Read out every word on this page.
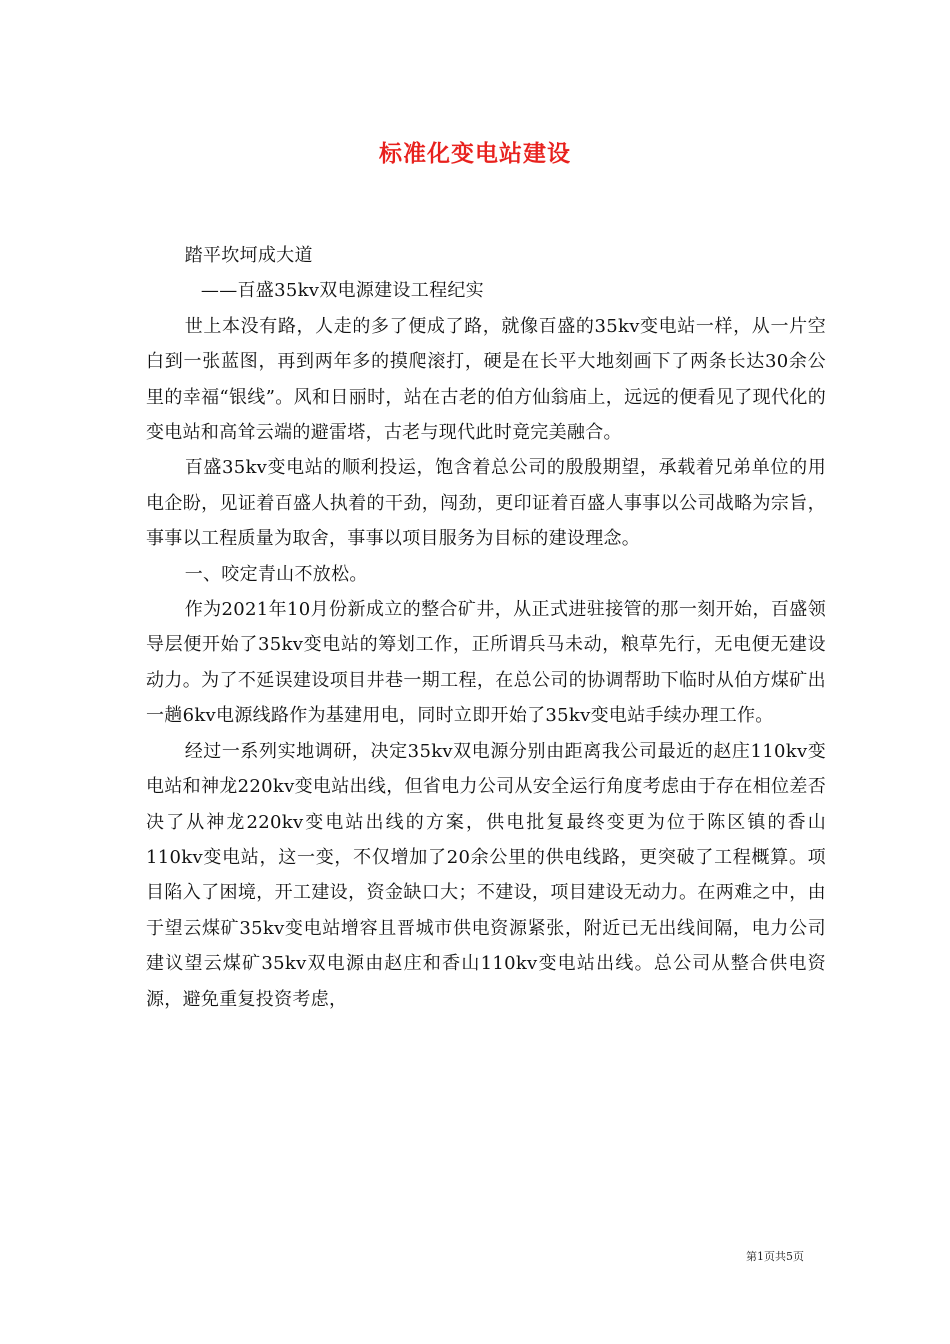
标准化变电站建设

踏平坎坷成大道

——百盛35kv双电源建设工程纪实

世上本没有路，人走的多了便成了路，就像百盛的35kv变电站一样，从一片空白到一张蓝图，再到两年多的摸爬滚打，硬是在长平大地刻画下了两条长达30余公里的幸福“银线”。风和日丽时，站在古老的伯方仙翁庙上，远远的便看见了现代化的变电站和高耸云端的避雷塔，古老与现代此时竟完美融合。

百盛35kv变电站的顺利投运，饱含着总公司的殷殷期望，承载着兄弟单位的用电企盼，见证着百盛人执着的干劲，闯劲，更印证着百盛人事事以公司战略为宗旨，事事以工程质量为取舍，事事以项目服务为目标的建设理念。

一、咬定青山不放松。

作为2021年10月份新成立的整合矿井，从正式进驻接管的那一刻开始，百盛领导层便开始了35kv变电站的筹划工作，正所谓兵马未动，粮草先行，无电便无建设动力。为了不延误建设项目井巷一期工程，在总公司的协调帮助下临时从伯方煤矿出一趟6kv电源线路作为基建用电，同时立即开始了35kv变电站手续办理工作。

经过一系列实地调研，决定35kv双电源分别由距离我公司最近的赵庄110kv变电站和神龙220kv变电站出线，但省电力公司从安全运行角度考虑由于存在相位差否决了从神龙220kv变电站出线的方案，供电批复最终变更为位于陈区镇的香山110kv变电站，这一变，不仅增加了20余公里的供电线路，更突破了工程概算。项目陷入了困境，开工建设，资金缺口大；不建设，项目建设无动力。在两难之中，由于望云煤矿35kv变电站增容且晋城市供电资源紧张，附近已无出线间隔，电力公司建议望云煤矿35kv双电源由赵庄和香山110kv变电站出线。总公司从整合供电资源，避免重复投资考虑，

第1页共5页
